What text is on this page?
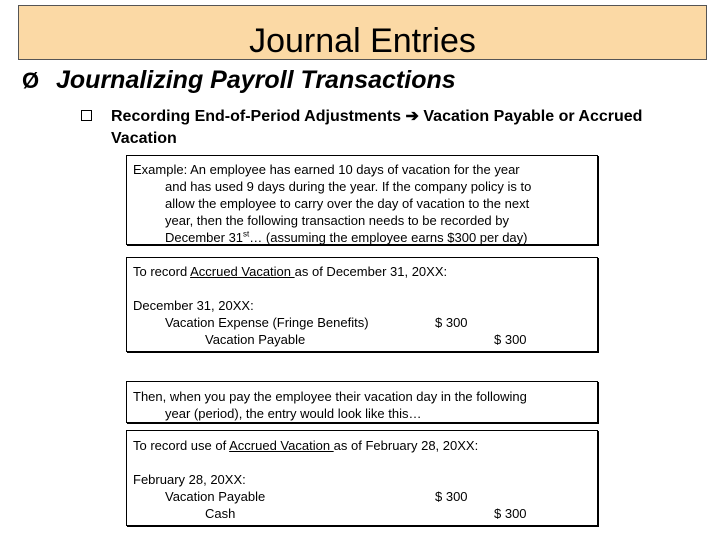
Journal Entries
Ø Journalizing Payroll Transactions
Recording End-of-Period Adjustments ➔ Vacation Payable or Accrued
Vacation
Example: An employee has earned 10 days of vacation for the year
and has used 9 days during the year. If the company policy is to
allow the employee to carry over the day of vacation to the next
year, then the following transaction needs to be recorded by
December 31st… (assuming the employee earns $300 per day)
To record Accrued Vacation as of December 31, 20XX:
December 31, 20XX:
Vacation Expense (Fringe Benefits)	$ 300
Vacation Payable	$ 300
Then, when you pay the employee their vacation day in the following
year (period), the entry would look like this…
To record use of Accrued Vacation as of February 28, 20XX:
February 28, 20XX:
Vacation Payable	$ 300
Cash	$ 300
